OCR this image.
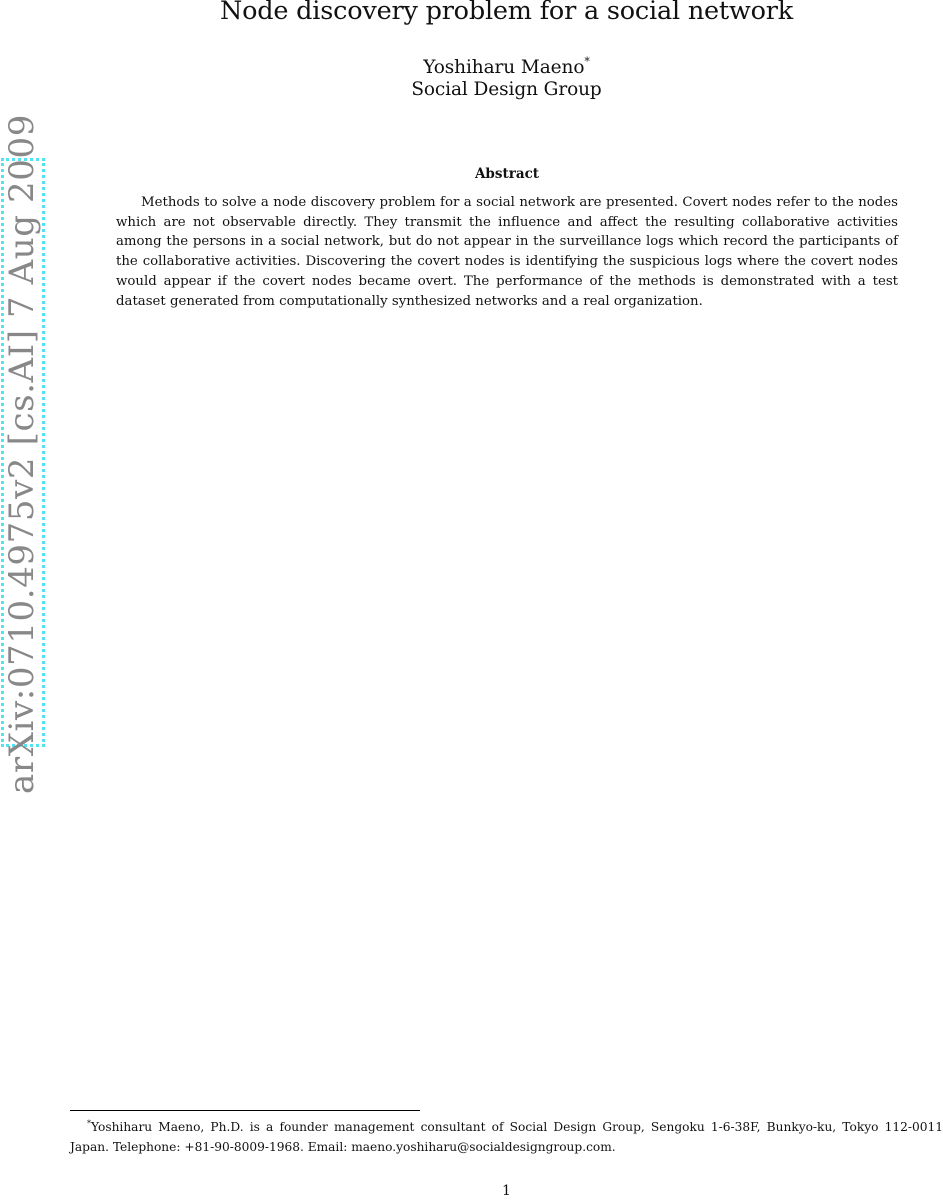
Node discovery problem for a social network
Yoshiharu Maeno*
Social Design Group
Abstract

Methods to solve a node discovery problem for a social network are presented. Covert nodes refer to the nodes which are not observable directly. They transmit the influence and affect the resulting collaborative activities among the persons in a social network, but do not appear in the surveillance logs which record the participants of the collaborative activities. Discovering the covert nodes is identifying the suspicious logs where the covert nodes would appear if the covert nodes became overt. The performance of the methods is demonstrated with a test dataset generated from computationally synthesized networks and a real organization.

arXiv:0710.4975v2 [cs.AI] 7 Aug 2009

*Yoshiharu Maeno, Ph.D. is a founder management consultant of Social Design Group, Sengoku 1-6-38F, Bunkyo-ku, Tokyo 112-0011 Japan. Telephone: +81-90-8009-1968. Email: maeno.yoshiharu@socialdesigngroup.com.

1
